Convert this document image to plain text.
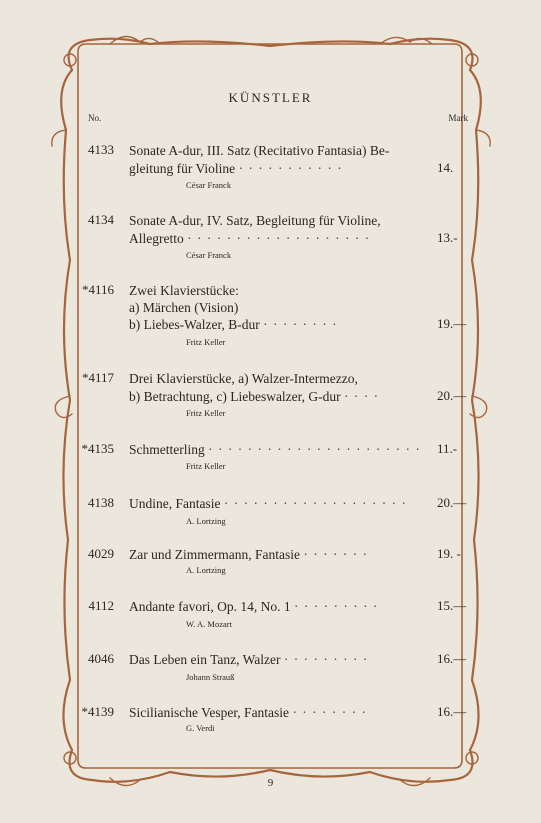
KÜNSTLER
No.	Mark
4133 Sonate A-dur, III. Satz (Recitativo Fantasia) Be-
gleitung für Violine · · · · · · · · · · ·	14.
César Franck
4134 Sonate A-dur, IV. Satz, Begleitung für Violine,
Allegretto · · · · · · · · · · · · · · · · · · ·	13.-
César Franck
*4116 Zwei Klavierstücke:
a) Märchen (Vision)
b) Liebes-Walzer, B-dur · · · · · · · ·	19.—
Fritz Keller
*4117 Drei Klavierstücke, a) Walzer-Intermezzo,
b) Betrachtung, c) Liebeswalzer, G-dur · · · ·	20.—
Fritz Keller
*4135 Schmetterling · · · · · · · · · · · · · · · · · · · · · ·	11.-
Fritz Keller
4138 Undine, Fantasie · · · · · · · · · · · · · · · · · · ·	20.—
A. Lortzing
4029 Zar und Zimmermann, Fantasie · · · · · · ·	19. -
A. Lortzing
4112 Andante favori, Op. 14, No. 1 · · · · · · · · ·	15.—
W. A. Mozart
4046 Das Leben ein Tanz, Walzer · · · · · · · · ·	16.—
Johann Strauß
*4139 Sicilianische Vesper, Fantasie · · · · · · · ·	16.—
G. Verdi
9
